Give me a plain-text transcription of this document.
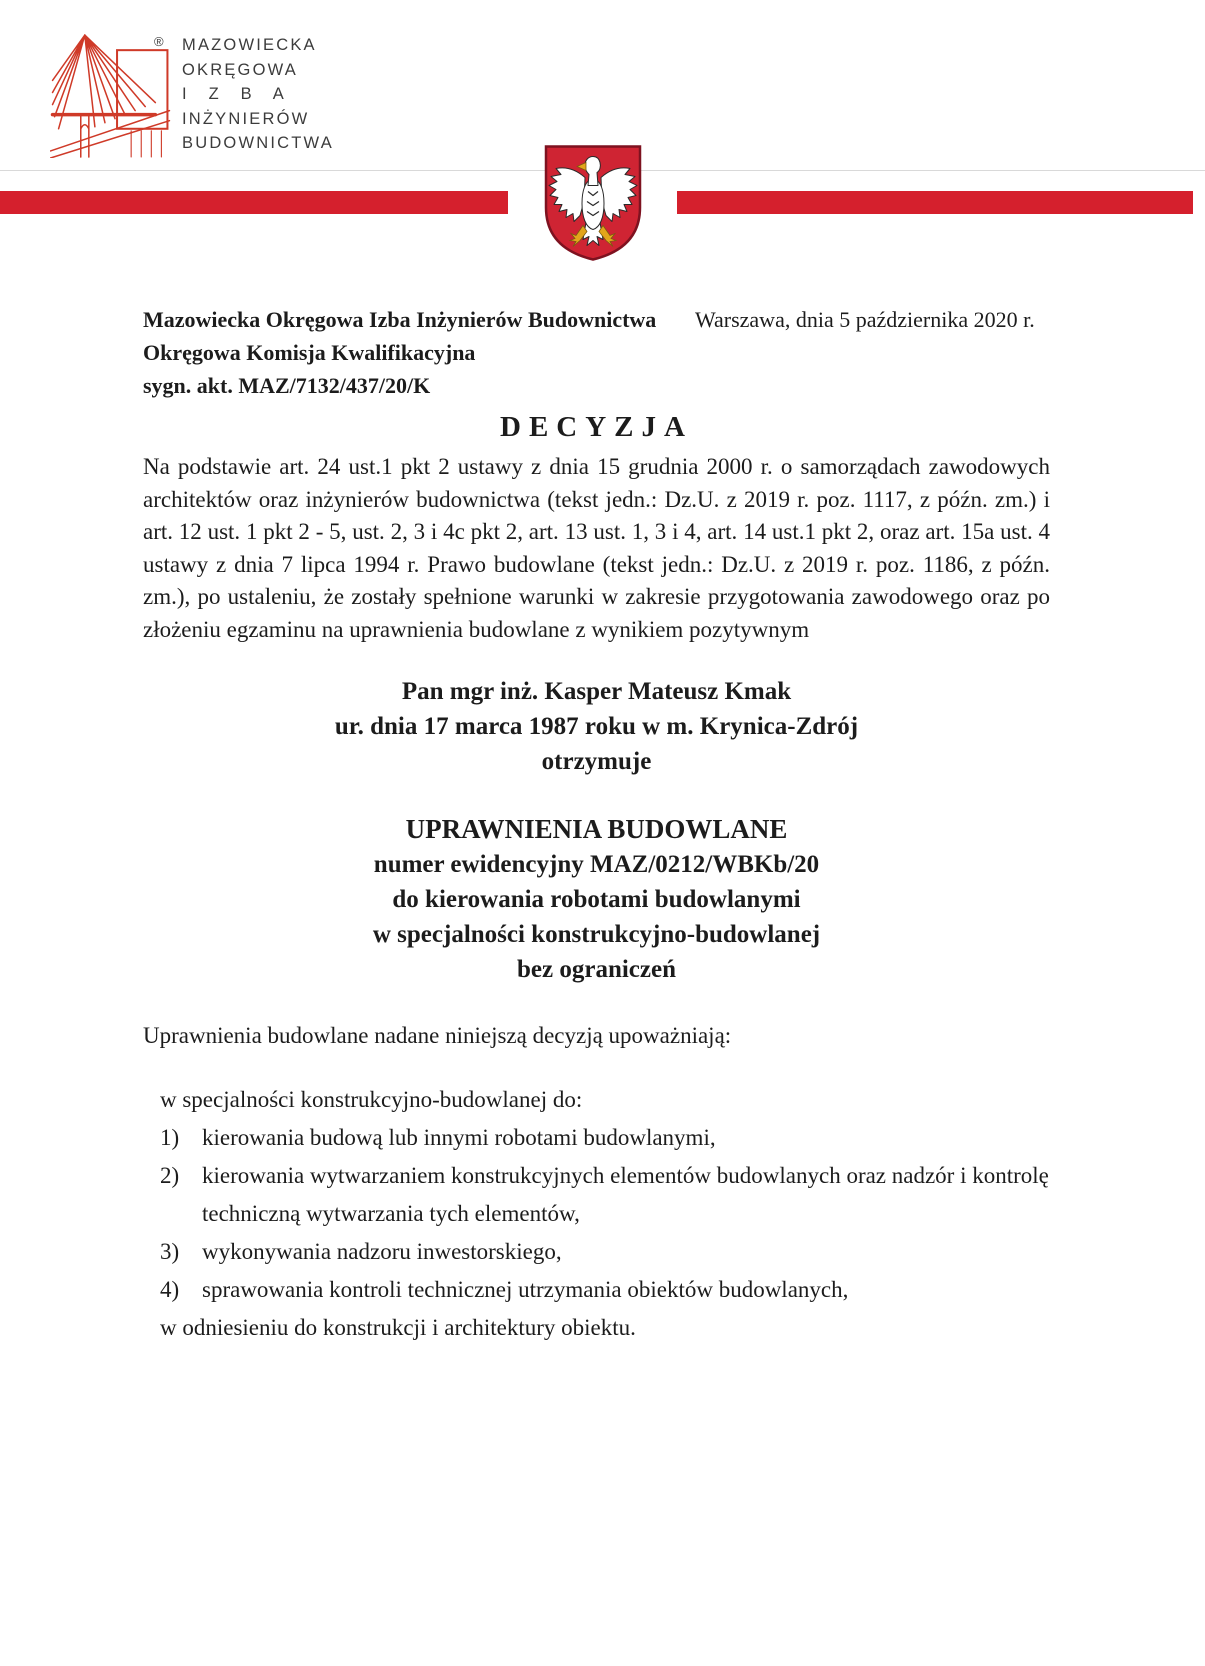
® MAZOWIECKA
OKRĘGOWA
I Z B A
INŻYNIERÓW
BUDOWNICTWA
Mazowiecka Okręgowa Izba Inżynierów Budownictwa
Okręgowa Komisja Kwalifikacyjna
sygn. akt. MAZ/7132/437/20/K
Warszawa, dnia 5 października 2020 r.
DECYZJA

Na podstawie art. 24 ust.1 pkt 2 ustawy z dnia 15 grudnia 2000 r. o samorządach zawodowych architektów oraz inżynierów budownictwa (tekst jedn.: Dz.U. z 2019 r. poz. 1117, z późn. zm.) i art. 12 ust. 1 pkt 2 - 5, ust. 2, 3 i 4c pkt 2, art. 13 ust. 1, 3 i 4, art. 14 ust.1 pkt 2, oraz art. 15a ust. 4 ustawy z dnia 7 lipca 1994 r. Prawo budowlane (tekst jedn.: Dz.U. z 2019 r. poz. 1186, z późn. zm.), po ustaleniu, że zostały spełnione warunki w zakresie przygotowania zawodowego oraz po złożeniu egzaminu na uprawnienia budowlane z wynikiem pozytywnym

Pan mgr inż. Kasper Mateusz Kmak
ur. dnia 17 marca 1987 roku w m. Krynica-Zdrój
otrzymuje
UPRAWNIENIA BUDOWLANE
numer ewidencyjny MAZ/0212/WBKb/20
do kierowania robotami budowlanymi
w specjalności konstrukcyjno-budowlanej
bez ograniczeń

Uprawnienia budowlane nadane niniejszą decyzją upoważniają:

w specjalności konstrukcyjno-budowlanej do:
1) kierowania budową lub innymi robotami budowlanymi,
2) kierowania wytwarzaniem konstrukcyjnych elementów budowlanych oraz nadzór i kontrolę techniczną wytwarzania tych elementów,
3) wykonywania nadzoru inwestorskiego,
4) sprawowania kontroli technicznej utrzymania obiektów budowlanych,
w odniesieniu do konstrukcji i architektury obiektu.
